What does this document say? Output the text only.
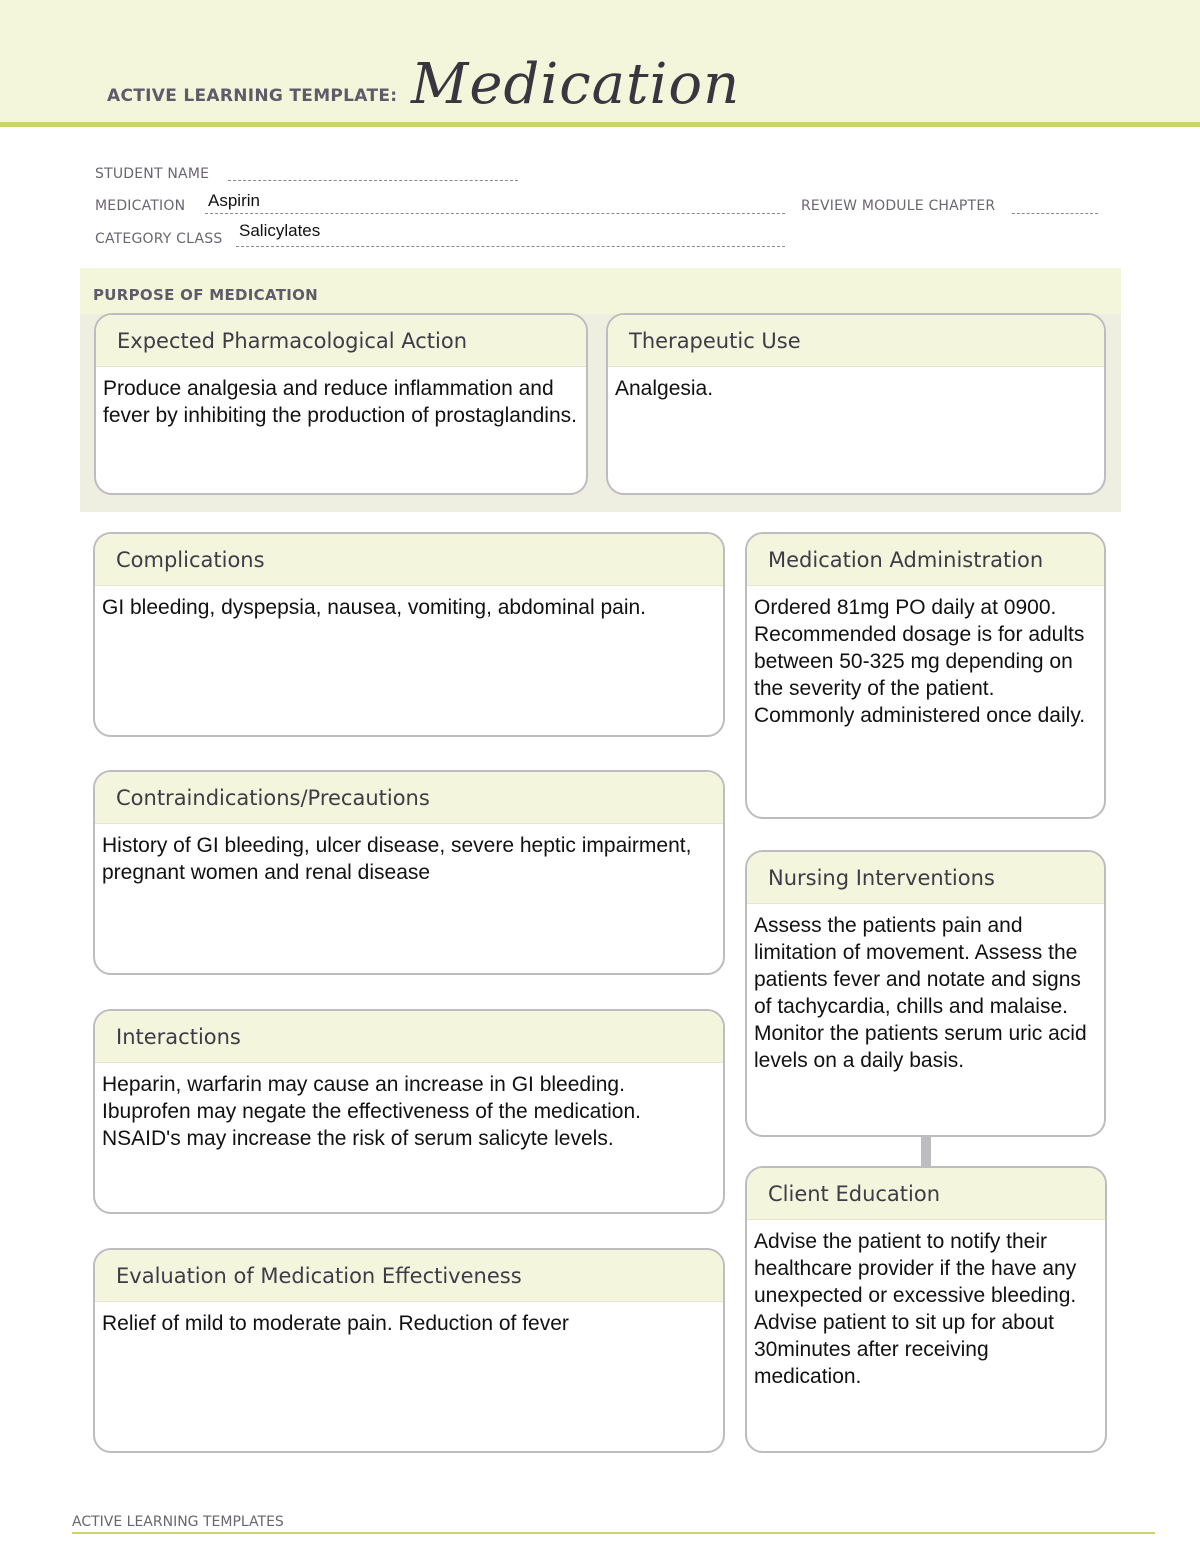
ACTIVE LEARNING TEMPLATE: Medication
STUDENT NAME
MEDICATION Aspirin	REVIEW MODULE CHAPTER
CATEGORY CLASS Salicylates
PURPOSE OF MEDICATION
Expected Pharmacological Action
Produce analgesia and reduce inflammation and fever by inhibiting the production of prostaglandins.
Therapeutic Use
Analgesia.
Complications
GI bleeding, dyspepsia, nausea, vomiting, abdominal pain.
Contraindications/Precautions
History of GI bleeding, ulcer disease, severe heptic impairment, pregnant women and renal disease
Interactions
Heparin, warfarin may cause an increase in GI bleeding. Ibuprofen may negate the effectiveness of the medication. NSAID's may increase the risk of serum salicyte levels.
Evaluation of Medication Effectiveness
Relief of mild to moderate pain. Reduction of fever
Medication Administration
Ordered 81mg PO daily at 0900. Recommended dosage is for adults between 50-325 mg depending on the severity of the patient. Commonly administered once daily.
Nursing Interventions
Assess the patients pain and limitation of movement. Assess the patients fever and notate and signs of tachycardia, chills and malaise. Monitor the patients serum uric acid levels on a daily basis.
Client Education
Advise the patient to notify their healthcare provider if the have any unexpected or excessive bleeding. Advise patient to sit up for about 30minutes after receiving medication.
ACTIVE LEARNING TEMPLATES
